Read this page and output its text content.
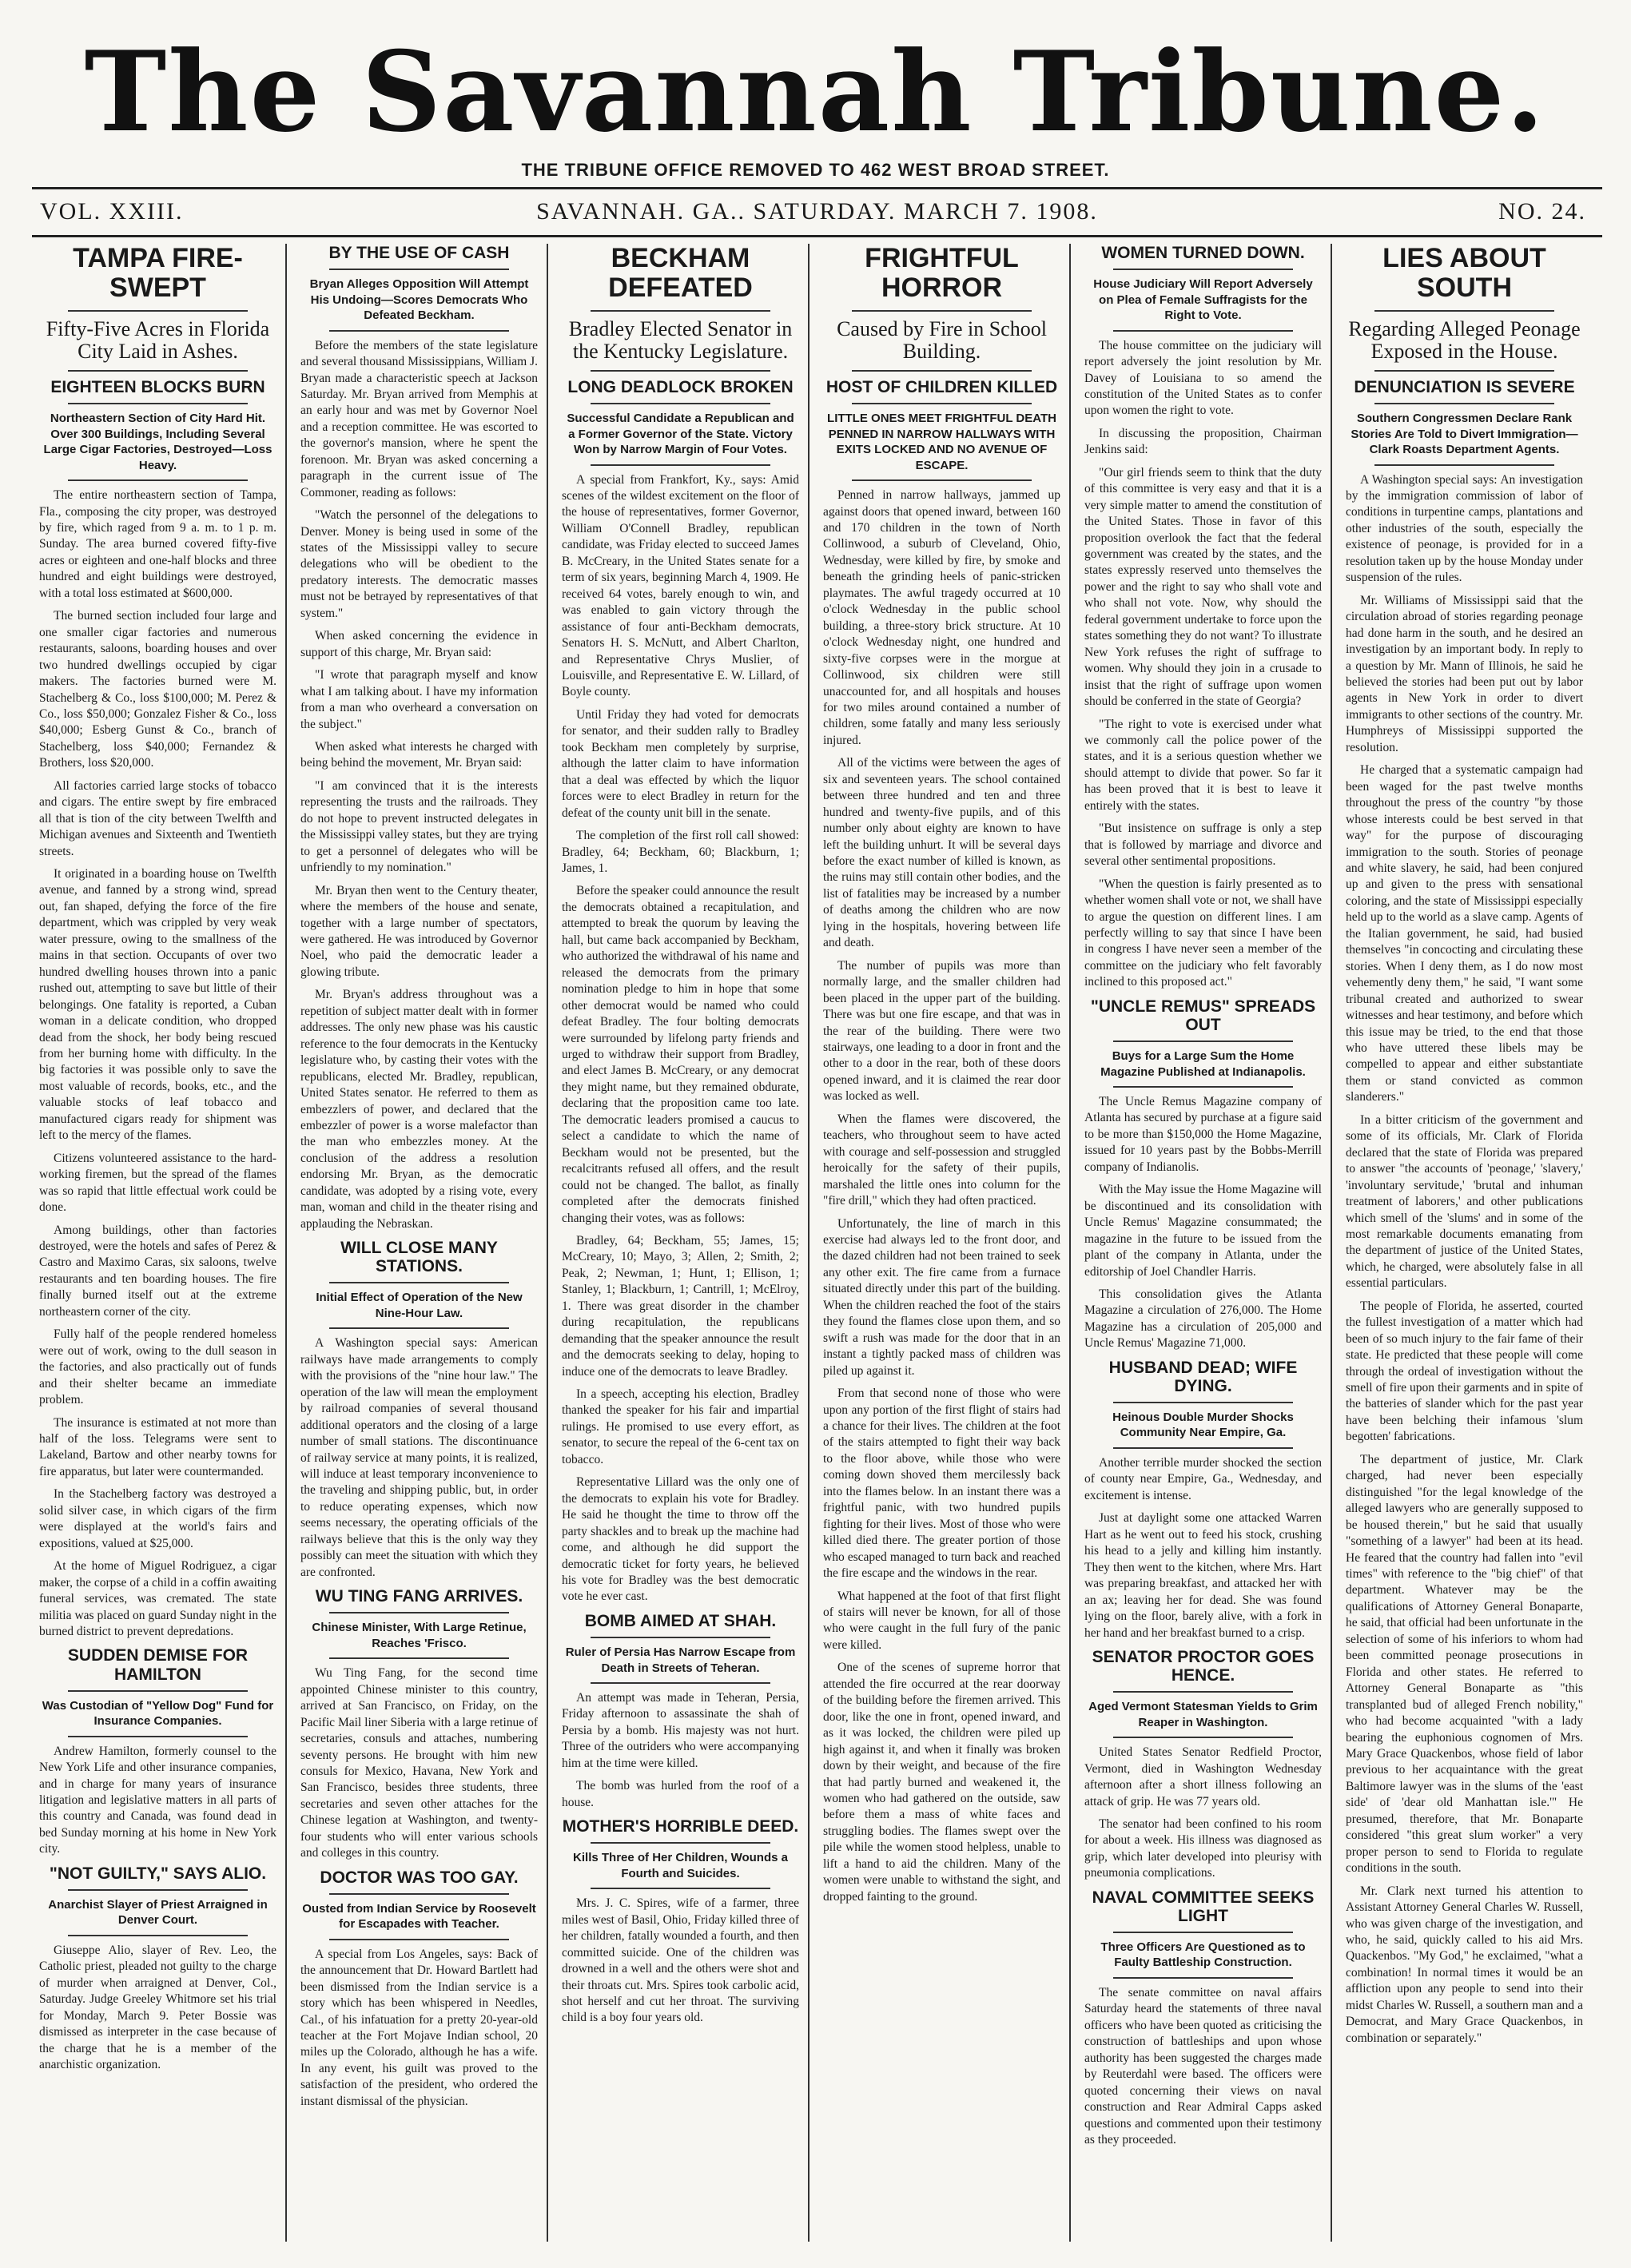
The Savannah Tribune.
THE TRIBUNE OFFICE REMOVED TO 462 WEST BROAD STREET.
VOL. XXIII.	SAVANNAH. GA.. SATURDAY. MARCH 7. 1908.	NO. 24.
TAMPA FIRE-SWEPT
Fifty-Five Acres in Florida City Laid in Ashes.
EIGHTEEN BLOCKS BURN
Northeastern Section of City Hard Hit. Over 300 Buildings, Including Several Large Cigar Factories, Destroyed—Loss Heavy.

The entire northeastern section of Tampa, Fla., composing the city proper, was destroyed by fire, which raged from 9 a. m. to 1 p. m. Sunday. The area burned covered fifty-five acres or eighteen and one-half blocks and three hundred and eight buildings were destroyed, with a total loss estimated at $600,000.

The burned section included four large and one smaller cigar factories and numerous restaurants, saloons, boarding houses and over two hundred dwellings occupied by cigar makers. The factories burned were M. Stachelberg & Co., loss $100,000; M. Perez & Co., loss $50,000; Gonzalez Fisher & Co., loss $40,000; Esberg Gunst & Co., branch of Stachelberg, loss $40,000; Fernandez & Brothers, loss $20,000.

All factories carried large stocks of tobacco and cigars. The entire swept by fire embraced all that is tion of the city between Twelfth and Michigan avenues and Sixteenth and Twentieth streets.

It originated in a boarding house on Twelfth avenue, and fanned by a strong wind, spread out, fan shaped, defying the force of the fire department, which was crippled by very weak water pressure, owing to the smallness of the mains in that section. Occupants of over two hundred dwelling houses thrown into a panic rushed out, attempting to save but little of their belongings. One fatality is reported, a Cuban woman in a delicate condition, who dropped dead from the shock, her body being rescued from her burning home with difficulty. In the big factories it was possible only to save the most valuable of records, books, etc., and the valuable stocks of leaf tobacco and manufactured cigars ready for shipment was left to the mercy of the flames.

Citizens volunteered assistance to the hard-working firemen, but the spread of the flames was so rapid that little effectual work could be done.

Among buildings, other than factories destroyed, were the hotels and safes of Perez & Castro and Maximo Caras, six saloons, twelve restaurants and ten boarding houses. The fire finally burned itself out at the extreme northeastern corner of the city.

Fully half of the people rendered homeless were out of work, owing to the dull season in the factories, and also practically out of funds and their shelter became an immediate problem.

The insurance is estimated at not more than half of the loss. Telegrams were sent to Lakeland, Bartow and other nearby towns for fire apparatus, but later were countermanded.

In the Stachelberg factory was destroyed a solid silver case, in which cigars of the firm were displayed at the world's fairs and expositions, valued at $25,000.

At the home of Miguel Rodriguez, a cigar maker, the corpse of a child in a coffin awaiting funeral services, was cremated. The state militia was placed on guard Sunday night in the burned district to prevent depredations.

SUDDEN DEMISE FOR HAMILTON
Was Custodian of "Yellow Dog" Fund for Insurance Companies.

Andrew Hamilton, formerly counsel to the New York Life and other insurance companies, and in charge for many years of insurance litigation and legislative matters in all parts of this country and Canada, was found dead in bed Sunday morning at his home in New York city.

"NOT GUILTY," SAYS ALIO.
Anarchist Slayer of Priest Arraigned in Denver Court.

Giuseppe Alio, slayer of Rev. Leo, the Catholic priest, pleaded not guilty to the charge of murder when arraigned at Denver, Col., Saturday. Judge Greeley Whitmore set his trial for Monday, March 9. Peter Bossie was dismissed as interpreter in the case because of the charge that he is a member of the anarchistic organization.

BY THE USE OF CASH
Bryan Alleges Opposition Will Attempt His Undoing—Scores Democrats Who Defeated Beckham.

Before the members of the state legislature and several thousand Mississippians, William J. Bryan made a characteristic speech at Jackson Saturday. Mr. Bryan arrived from Memphis at an early hour and was met by Governor Noel and a reception committee. He was escorted to the governor's mansion, where he spent the forenoon. Mr. Bryan was asked concerning a paragraph in the current issue of The Commoner, reading as follows:

"Watch the personnel of the delegations to Denver. Money is being used in some of the states of the Mississippi valley to secure delegations who will be obedient to the predatory interests. The democratic masses must not be betrayed by representatives of that system."

When asked concerning the evidence in support of this charge, Mr. Bryan said:

"I wrote that paragraph myself and know what I am talking about. I have my information from a man who overheard a conversation on the subject."

When asked what interests he charged with being behind the movement, Mr. Bryan said:

"I am convinced that it is the interests representing the trusts and the railroads. They do not hope to prevent instructed delegates in the Mississippi valley states, but they are trying to get a personnel of delegates who will be unfriendly to my nomination."

Mr. Bryan then went to the Century theater, where the members of the house and senate, together with a large number of spectators, were gathered. He was introduced by Governor Noel, who paid the democratic leader a glowing tribute.

Mr. Bryan's address throughout was a repetition of subject matter dealt with in former addresses. The only new phase was his caustic reference to the four democrats in the Kentucky legislature who, by casting their votes with the republicans, elected Mr. Bradley, republican, United States senator. He referred to them as embezzlers of power, and declared that the embezzler of power is a worse malefactor than the man who embezzles money. At the conclusion of the address a resolution endorsing Mr. Bryan, as the democratic candidate, was adopted by a rising vote, every man, woman and child in the theater rising and applauding the Nebraskan.

WILL CLOSE MANY STATIONS.
Initial Effect of Operation of the New Nine-Hour Law.

A Washington special says: American railways have made arrangements to comply with the provisions of the "nine hour law." The operation of the law will mean the employment by railroad companies of several thousand additional operators and the closing of a large number of small stations. The discontinuance of railway service at many points, it is realized, will induce at least temporary inconvenience to the traveling and shipping public, but, in order to reduce operating expenses, which now seems necessary, the operating officials of the railways believe that this is the only way they possibly can meet the situation with which they are confronted.

WU TING FANG ARRIVES.
Chinese Minister, With Large Retinue, Reaches 'Frisco.

Wu Ting Fang, for the second time appointed Chinese minister to this country, arrived at San Francisco, on Friday, on the Pacific Mail liner Siberia with a large retinue of secretaries, consuls and attaches, numbering seventy persons. He brought with him new consuls for Mexico, Havana, New York and San Francisco, besides three students, three secretaries and seven other attaches for the Chinese legation at Washington, and twenty-four students who will enter various schools and colleges in this country.

DOCTOR WAS TOO GAY.
Ousted from Indian Service by Roosevelt for Escapades with Teacher.

A special from Los Angeles, says: Back of the announcement that Dr. Howard Bartlett had been dismissed from the Indian service is a story which has been whispered in Needles, Cal., of his infatuation for a pretty 20-year-old teacher at the Fort Mojave Indian school, 20 miles up the Colorado, although he has a wife. In any event, his guilt was proved to the satisfaction of the president, who ordered the instant dismissal of the physician.

BECKHAM DEFEATED
Bradley Elected Senator in the Kentucky Legislature.
LONG DEADLOCK BROKEN
Successful Candidate a Republican and a Former Governor of the State. Victory Won by Narrow Margin of Four Votes.

A special from Frankfort, Ky., says: Amid scenes of the wildest excitement on the floor of the house of representatives, former Governor, William O'Connell Bradley, republican candidate, was Friday elected to succeed James B. McCreary, in the United States senate for a term of six years, beginning March 4, 1909. He received 64 votes, barely enough to win, and was enabled to gain victory through the assistance of four anti-Beckham democrats, Senators H. S. McNutt, and Albert Charlton, and Representative Chrys Muslier, of Louisville, and Representative E. W. Lillard, of Boyle county.

Until Friday they had voted for democrats for senator, and their sudden rally to Bradley took Beckham men completely by surprise, although the latter claim to have information that a deal was effected by which the liquor forces were to elect Bradley in return for the defeat of the county unit bill in the senate.

The completion of the first roll call showed: Bradley, 64; Beckham, 60; Blackburn, 1; James, 1.

Before the speaker could announce the result the democrats obtained a recapitulation, and attempted to break the quorum by leaving the hall, but came back accompanied by Beckham, who authorized the withdrawal of his name and released the democrats from the primary nomination pledge to him in hope that some other democrat would be named who could defeat Bradley. The four bolting democrats were surrounded by lifelong party friends and urged to withdraw their support from Bradley, and elect James B. McCreary, or any democrat they might name, but they remained obdurate, declaring that the proposition came too late. The democratic leaders promised a caucus to select a candidate to which the name of Beckham would not be presented, but the recalcitrants refused all offers, and the result could not be changed. The ballot, as finally completed after the democrats finished changing their votes, was as follows:

Bradley, 64; Beckham, 55; James, 15; McCreary, 10; Mayo, 3; Allen, 2; Smith, 2; Peak, 2; Newman, 1; Hunt, 1; Ellison, 1; Stanley, 1; Blackburn, 1; Cantrill, 1; McElroy, 1. There was great disorder in the chamber during recapitulation, the republicans demanding that the speaker announce the result and the democrats seeking to delay, hoping to induce one of the democrats to leave Bradley.

In a speech, accepting his election, Bradley thanked the speaker for his fair and impartial rulings. He promised to use every effort, as senator, to secure the repeal of the 6-cent tax on tobacco.

Representative Lillard was the only one of the democrats to explain his vote for Bradley. He said he thought the time to throw off the party shackles and to break up the machine had come, and although he did support the democratic ticket for forty years, he believed his vote for Bradley was the best democratic vote he ever cast.

BOMB AIMED AT SHAH.
Ruler of Persia Has Narrow Escape from Death in Streets of Teheran.

An attempt was made in Teheran, Persia, Friday afternoon to assassinate the shah of Persia by a bomb. His majesty was not hurt. Three of the outriders who were accompanying him at the time were killed.

The bomb was hurled from the roof of a house.

MOTHER'S HORRIBLE DEED.
Kills Three of Her Children, Wounds a Fourth and Suicides.

Mrs. J. C. Spires, wife of a farmer, three miles west of Basil, Ohio, Friday killed three of her children, fatally wounded a fourth, and then committed suicide. One of the children was drowned in a well and the others were shot and their throats cut. Mrs. Spires took carbolic acid, shot herself and cut her throat. The surviving child is a boy four years old.

FRIGHTFUL HORROR
Caused by Fire in School Building.
HOST OF CHILDREN KILLED
LITTLE ONES MEET FRIGHTFUL DEATH PENNED IN NARROW HALLWAYS WITH EXITS LOCKED AND NO AVENUE OF ESCAPE.

Penned in narrow hallways, jammed up against doors that opened inward, between 160 and 170 children in the town of North Collinwood, a suburb of Cleveland, Ohio, Wednesday, were killed by fire, by smoke and beneath the grinding heels of panic-stricken playmates. The awful tragedy occurred at 10 o'clock Wednesday in the public school building, a three-story brick structure. At 10 o'clock Wednesday night, one hundred and sixty-five corpses were in the morgue at Collinwood, six children were still unaccounted for, and all hospitals and houses for two miles around contained a number of children, some fatally and many less seriously injured.

All of the victims were between the ages of six and seventeen years. The school contained between three hundred and ten and three hundred and twenty-five pupils, and of this number only about eighty are known to have left the building unhurt. It will be several days before the exact number of killed is known, as the ruins may still contain other bodies, and the list of fatalities may be increased by a number of deaths among the children who are now lying in the hospitals, hovering between life and death.

The number of pupils was more than normally large, and the smaller children had been placed in the upper part of the building. There was but one fire escape, and that was in the rear of the building. There were two stairways, one leading to a door in front and the other to a door in the rear, both of these doors opened inward, and it is claimed the rear door was locked as well.

When the flames were discovered, the teachers, who throughout seem to have acted with courage and self-possession and struggled heroically for the safety of their pupils, marshaled the little ones into column for the "fire drill," which they had often practiced.

Unfortunately, the line of march in this exercise had always led to the front door, and the dazed children had not been trained to seek any other exit. The fire came from a furnace situated directly under this part of the building. When the children reached the foot of the stairs they found the flames close upon them, and so swift a rush was made for the door that in an instant a tightly packed mass of children was piled up against it.

From that second none of those who were upon any portion of the first flight of stairs had a chance for their lives. The children at the foot of the stairs attempted to fight their way back to the floor above, while those who were coming down shoved them mercilessly back into the flames below. In an instant there was a frightful panic, with two hundred pupils fighting for their lives. Most of those who were killed died there. The greater portion of those who escaped managed to turn back and reached the fire escape and the windows in the rear.

What happened at the foot of that first flight of stairs will never be known, for all of those who were caught in the full fury of the panic were killed.

One of the scenes of supreme horror that attended the fire occurred at the rear doorway of the building before the firemen arrived. This door, like the one in front, opened inward, and as it was locked, the children were piled up high against it, and when it finally was broken down by their weight, and because of the fire that had partly burned and weakened it, the women who had gathered on the outside, saw before them a mass of white faces and struggling bodies. The flames swept over the pile while the women stood helpless, unable to lift a hand to aid the children. Many of the women were unable to withstand the sight, and dropped fainting to the ground.

WOMEN TURNED DOWN.
House Judiciary Will Report Adversely on Plea of Female Suffragists for the Right to Vote.

The house committee on the judiciary will report adversely the joint resolution by Mr. Davey of Louisiana to so amend the constitution of the United States as to confer upon women the right to vote.

In discussing the proposition, Chairman Jenkins said:

"Our girl friends seem to think that the duty of this committee is very easy and that it is a very simple matter to amend the constitution of the United States. Those in favor of this proposition overlook the fact that the federal government was created by the states, and the states expressly reserved unto themselves the power and the right to say who shall vote and who shall not vote. Now, why should the federal government undertake to force upon the states something they do not want? To illustrate New York refuses the right of suffrage to women. Why should they join in a crusade to insist that the right of suffrage upon women should be conferred in the state of Georgia?

"The right to vote is exercised under what we commonly call the police power of the states, and it is a serious question whether we should attempt to divide that power. So far it has been proved that it is best to leave it entirely with the states.

"But insistence on suffrage is only a step that is followed by marriage and divorce and several other sentimental propositions.

"When the question is fairly presented as to whether women shall vote or not, we shall have to argue the question on different lines. I am perfectly willing to say that since I have been in congress I have never seen a member of the committee on the judiciary who felt favorably inclined to this proposed act."

"UNCLE REMUS" SPREADS OUT
Buys for a Large Sum the Home Magazine Published at Indianapolis.

The Uncle Remus Magazine company of Atlanta has secured by purchase at a figure said to be more than $150,000 the Home Magazine, issued for 10 years past by the Bobbs-Merrill company of Indianolis.

With the May issue the Home Magazine will be discontinued and its consolidation with Uncle Remus' Magazine consummated; the magazine in the future to be issued from the plant of the company in Atlanta, under the editorship of Joel Chandler Harris.

This consolidation gives the Atlanta Magazine a circulation of 276,000. The Home Magazine has a circulation of 205,000 and Uncle Remus' Magazine 71,000.

HUSBAND DEAD; WIFE DYING.
Heinous Double Murder Shocks Community Near Empire, Ga.

Another terrible murder shocked the section of county near Empire, Ga., Wednesday, and excitement is intense.

Just at daylight some one attacked Warren Hart as he went out to feed his stock, crushing his head to a jelly and killing him instantly. They then went to the kitchen, where Mrs. Hart was preparing breakfast, and attacked her with an ax; leaving her for dead. She was found lying on the floor, barely alive, with a fork in her hand and her breakfast burned to a crisp.

SENATOR PROCTOR GOES HENCE.
Aged Vermont Statesman Yields to Grim Reaper in Washington.

United States Senator Redfield Proctor, Vermont, died in Washington Wednesday afternoon after a short illness following an attack of grip. He was 77 years old.

The senator had been confined to his room for about a week. His illness was diagnosed as grip, which later developed into pleurisy with pneumonia complications.

NAVAL COMMITTEE SEEKS LIGHT
Three Officers Are Questioned as to Faulty Battleship Construction.

The senate committee on naval affairs Saturday heard the statements of three naval officers who have been quoted as criticising the construction of battleships and upon whose authority has been suggested the charges made by Reuterdahl were based. The officers were quoted concerning their views on naval construction and Rear Admiral Capps asked questions and commented upon their testimony as they proceeded.

LIES ABOUT SOUTH
Regarding Alleged Peonage Exposed in the House.
DENUNCIATION IS SEVERE
Southern Congressmen Declare Rank Stories Are Told to Divert Immigration—Clark Roasts Department Agents.

A Washington special says: An investigation by the immigration commission of labor of conditions in turpentine camps, plantations and other industries of the south, especially the existence of peonage, is provided for in a resolution taken up by the house Monday under suspension of the rules.

Mr. Williams of Mississippi said that the circulation abroad of stories regarding peonage had done harm in the south, and he desired an investigation by an important body. In reply to a question by Mr. Mann of Illinois, he said he believed the stories had been put out by labor agents in New York in order to divert immigrants to other sections of the country. Mr. Humphreys of Mississippi supported the resolution.

He charged that a systematic campaign had been waged for the past twelve months throughout the press of the country "by those whose interests could be best served in that way" for the purpose of discouraging immigration to the south. Stories of peonage and white slavery, he said, had been conjured up and given to the press with sensational coloring, and the state of Mississippi especially held up to the world as a slave camp. Agents of the Italian government, he said, had busied themselves "in concocting and circulating these stories. When I deny them, as I do now most vehemently deny them," he said, "I want some tribunal created and authorized to swear witnesses and hear testimony, and before which this issue may be tried, to the end that those who have uttered these libels may be compelled to appear and either substantiate them or stand convicted as common slanderers."

In a bitter criticism of the government and some of its officials, Mr. Clark of Florida declared that the state of Florida was prepared to answer "the accounts of 'peonage,' 'slavery,' 'involuntary servitude,' 'brutal and inhuman treatment of laborers,' and other publications which smell of the 'slums' and in some of the most remarkable documents emanating from the department of justice of the United States, which, he charged, were absolutely false in all essential particulars.

The people of Florida, he asserted, courted the fullest investigation of a matter which had been of so much injury to the fair fame of their state. He predicted that these people will come through the ordeal of investigation without the smell of fire upon their garments and in spite of the batteries of slander which for the past year have been belching their infamous 'slum begotten' fabrications.

The department of justice, Mr. Clark charged, had never been especially distinguished "for the legal knowledge of the alleged lawyers who are generally supposed to be housed therein," but he said that usually "something of a lawyer" had been at its head. He feared that the country had fallen into "evil times" with reference to the "big chief" of that department. Whatever may be the qualifications of Attorney General Bonaparte, he said, that official had been unfortunate in the selection of some of his inferiors to whom had been committed peonage prosecutions in Florida and other states. He referred to Attorney General Bonaparte as "this transplanted bud of alleged French nobility," who had become acquainted "with a lady bearing the euphonious cognomen of Mrs. Mary Grace Quackenbos, whose field of labor previous to her acquaintance with the great Baltimore lawyer was in the slums of the 'east side' of 'dear old Manhattan isle.'" He presumed, therefore, that Mr. Bonaparte considered "this great slum worker" a very proper person to send to Florida to regulate conditions in the south.

Mr. Clark next turned his attention to Assistant Attorney General Charles W. Russell, who was given charge of the investigation, and who, he said, quickly called to his aid Mrs. Quackenbos. "My God," he exclaimed, "what a combination! In normal times it would be an affliction upon any people to send into their midst Charles W. Russell, a southern man and a Democrat, and Mary Grace Quackenbos, in combination or separately."
